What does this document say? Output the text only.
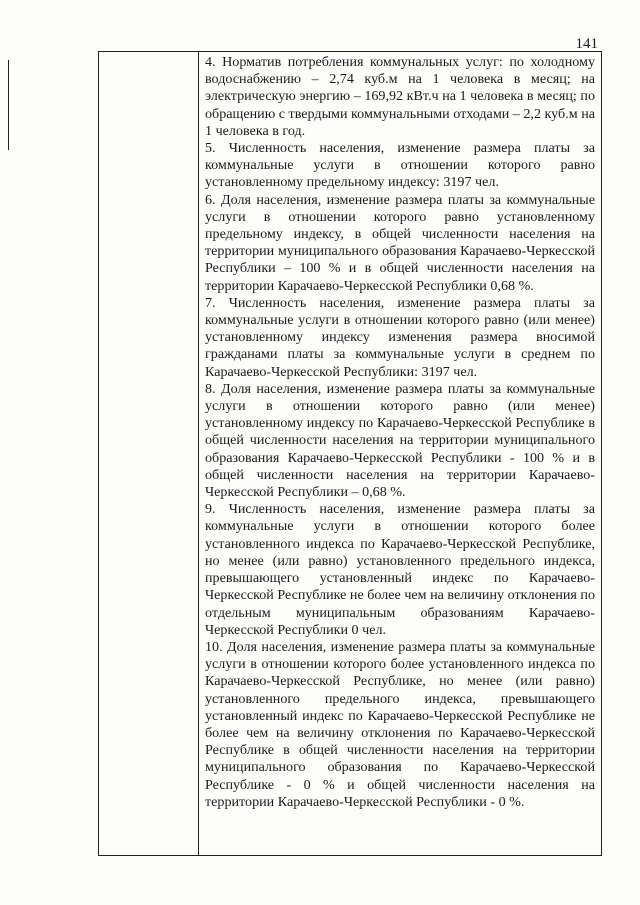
141

4. Норматив потребления коммунальных услуг: по холодному водоснабжению – 2,74 куб.м на 1 человека в месяц; на электрическую энергию – 169,92 кВт.ч на 1 человека в месяц; по обращению с твердыми коммунальными отходами – 2,2 куб.м на 1 человека в год.

5. Численность населения, изменение размера платы за коммунальные услуги в отношении которого равно установленному предельному индексу: 3197 чел.

6. Доля населения, изменение размера платы за коммунальные услуги в отношении которого равно установленному предельному индексу, в общей численности населения на территории муниципального образования Карачаево-Черкесской Республики – 100 % и в общей численности населения на территории Карачаево-Черкесской Республики 0,68 %.

7. Численность населения, изменение размера платы за коммунальные услуги в отношении которого равно (или менее) установленному индексу изменения размера вносимой гражданами платы за коммунальные услуги в среднем по Карачаево-Черкесской Республики: 3197 чел.

8. Доля населения, изменение размера платы за коммунальные услуги в отношении которого равно (или менее) установленному индексу по Карачаево-Черкесской Республике в общей численности населения на территории муниципального образования Карачаево-Черкесской Республики - 100 % и в общей численности населения на территории Карачаево-Черкесской Республики – 0,68 %.

9. Численность населения, изменение размера платы за коммунальные услуги в отношении которого более установленного индекса по Карачаево-Черкесской Республике, но менее (или равно) установленного предельного индекса, превышающего установленный индекс по Карачаево-Черкесской Республике не более чем на величину отклонения по отдельным муниципальным образованиям Карачаево-Черкесской Республики 0 чел.

10. Доля населения, изменение размера платы за коммунальные услуги в отношении которого более установленного индекса по Карачаево-Черкесской Республике, но менее (или равно) установленного предельного индекса, превышающего установленный индекс по Карачаево-Черкесской Республике не более чем на величину отклонения по Карачаево-Черкесской Республике в общей численности населения на территории муниципального образования по Карачаево-Черкесской Республике - 0 % и общей численности населения на территории Карачаево-Черкесской Республики - 0 %.
